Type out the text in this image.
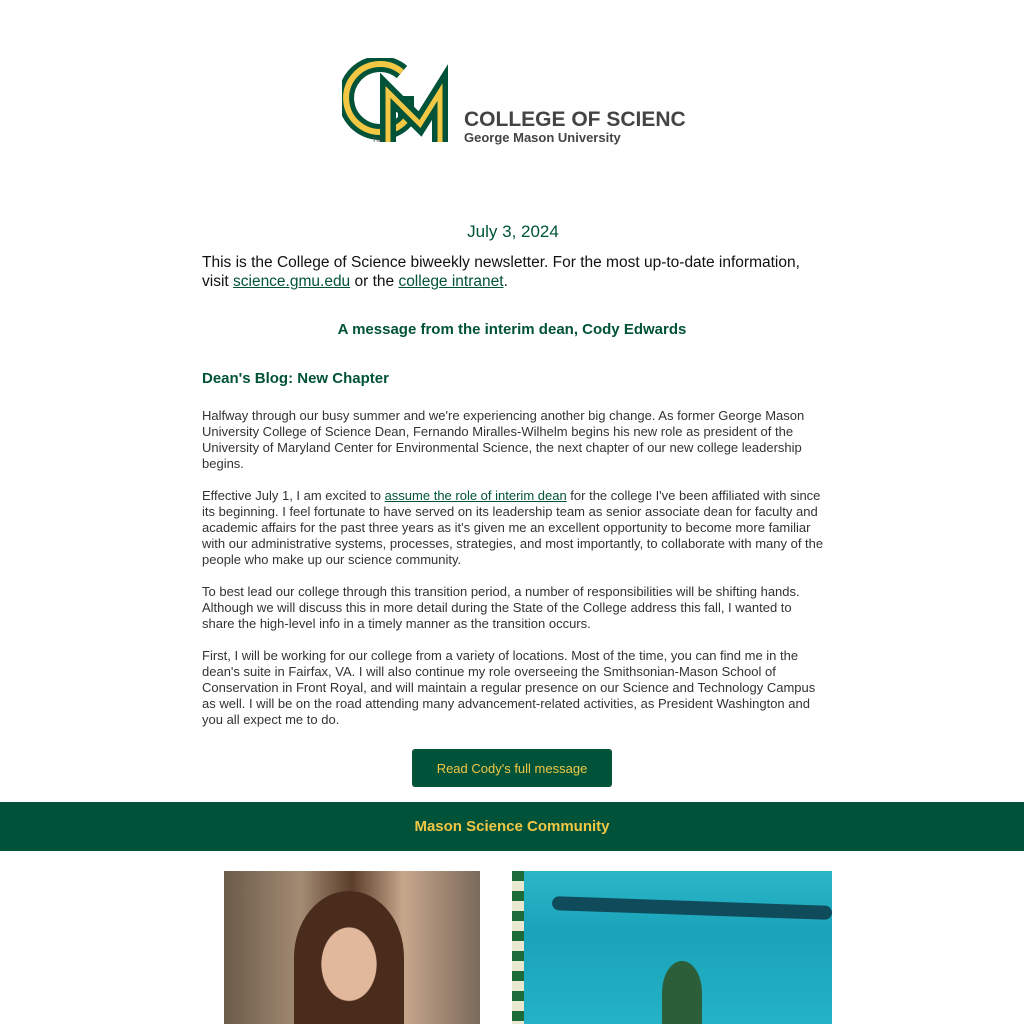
TM
COLLEGE OF SCIENCE
George Mason University
July 3, 2024
This is the College of Science biweekly newsletter. For the most up-to-date information, visit science.gmu.edu or the college intranet.
A message from the interim dean, Cody Edwards
Dean's Blog: New Chapter

Halfway through our busy summer and we're experiencing another big change. As former George Mason University College of Science Dean, Fernando Miralles-Wilhelm begins his new role as president of the University of Maryland Center for Environmental Science, the next chapter of our new college leadership begins.

Effective July 1, I am excited to assume the role of interim dean for the college I've been affiliated with since its beginning. I feel fortunate to have served on its leadership team as senior associate dean for faculty and academic affairs for the past three years as it's given me an excellent opportunity to become more familiar with our administrative systems, processes, strategies, and most importantly, to collaborate with many of the people who make up our science community.

To best lead our college through this transition period, a number of responsibilities will be shifting hands. Although we will discuss this in more detail during the State of the College address this fall, I wanted to share the high-level info in a timely manner as the transition occurs.

First, I will be working for our college from a variety of locations. Most of the time, you can find me in the dean's suite in Fairfax, VA. I will also continue my role overseeing the Smithsonian-Mason School of Conservation in Front Royal, and will maintain a regular presence on our Science and Technology Campus as well. I will be on the road attending many advancement-related activities, as President Washington and you all expect me to do.

Read Cody's full message
Mason Science Community
